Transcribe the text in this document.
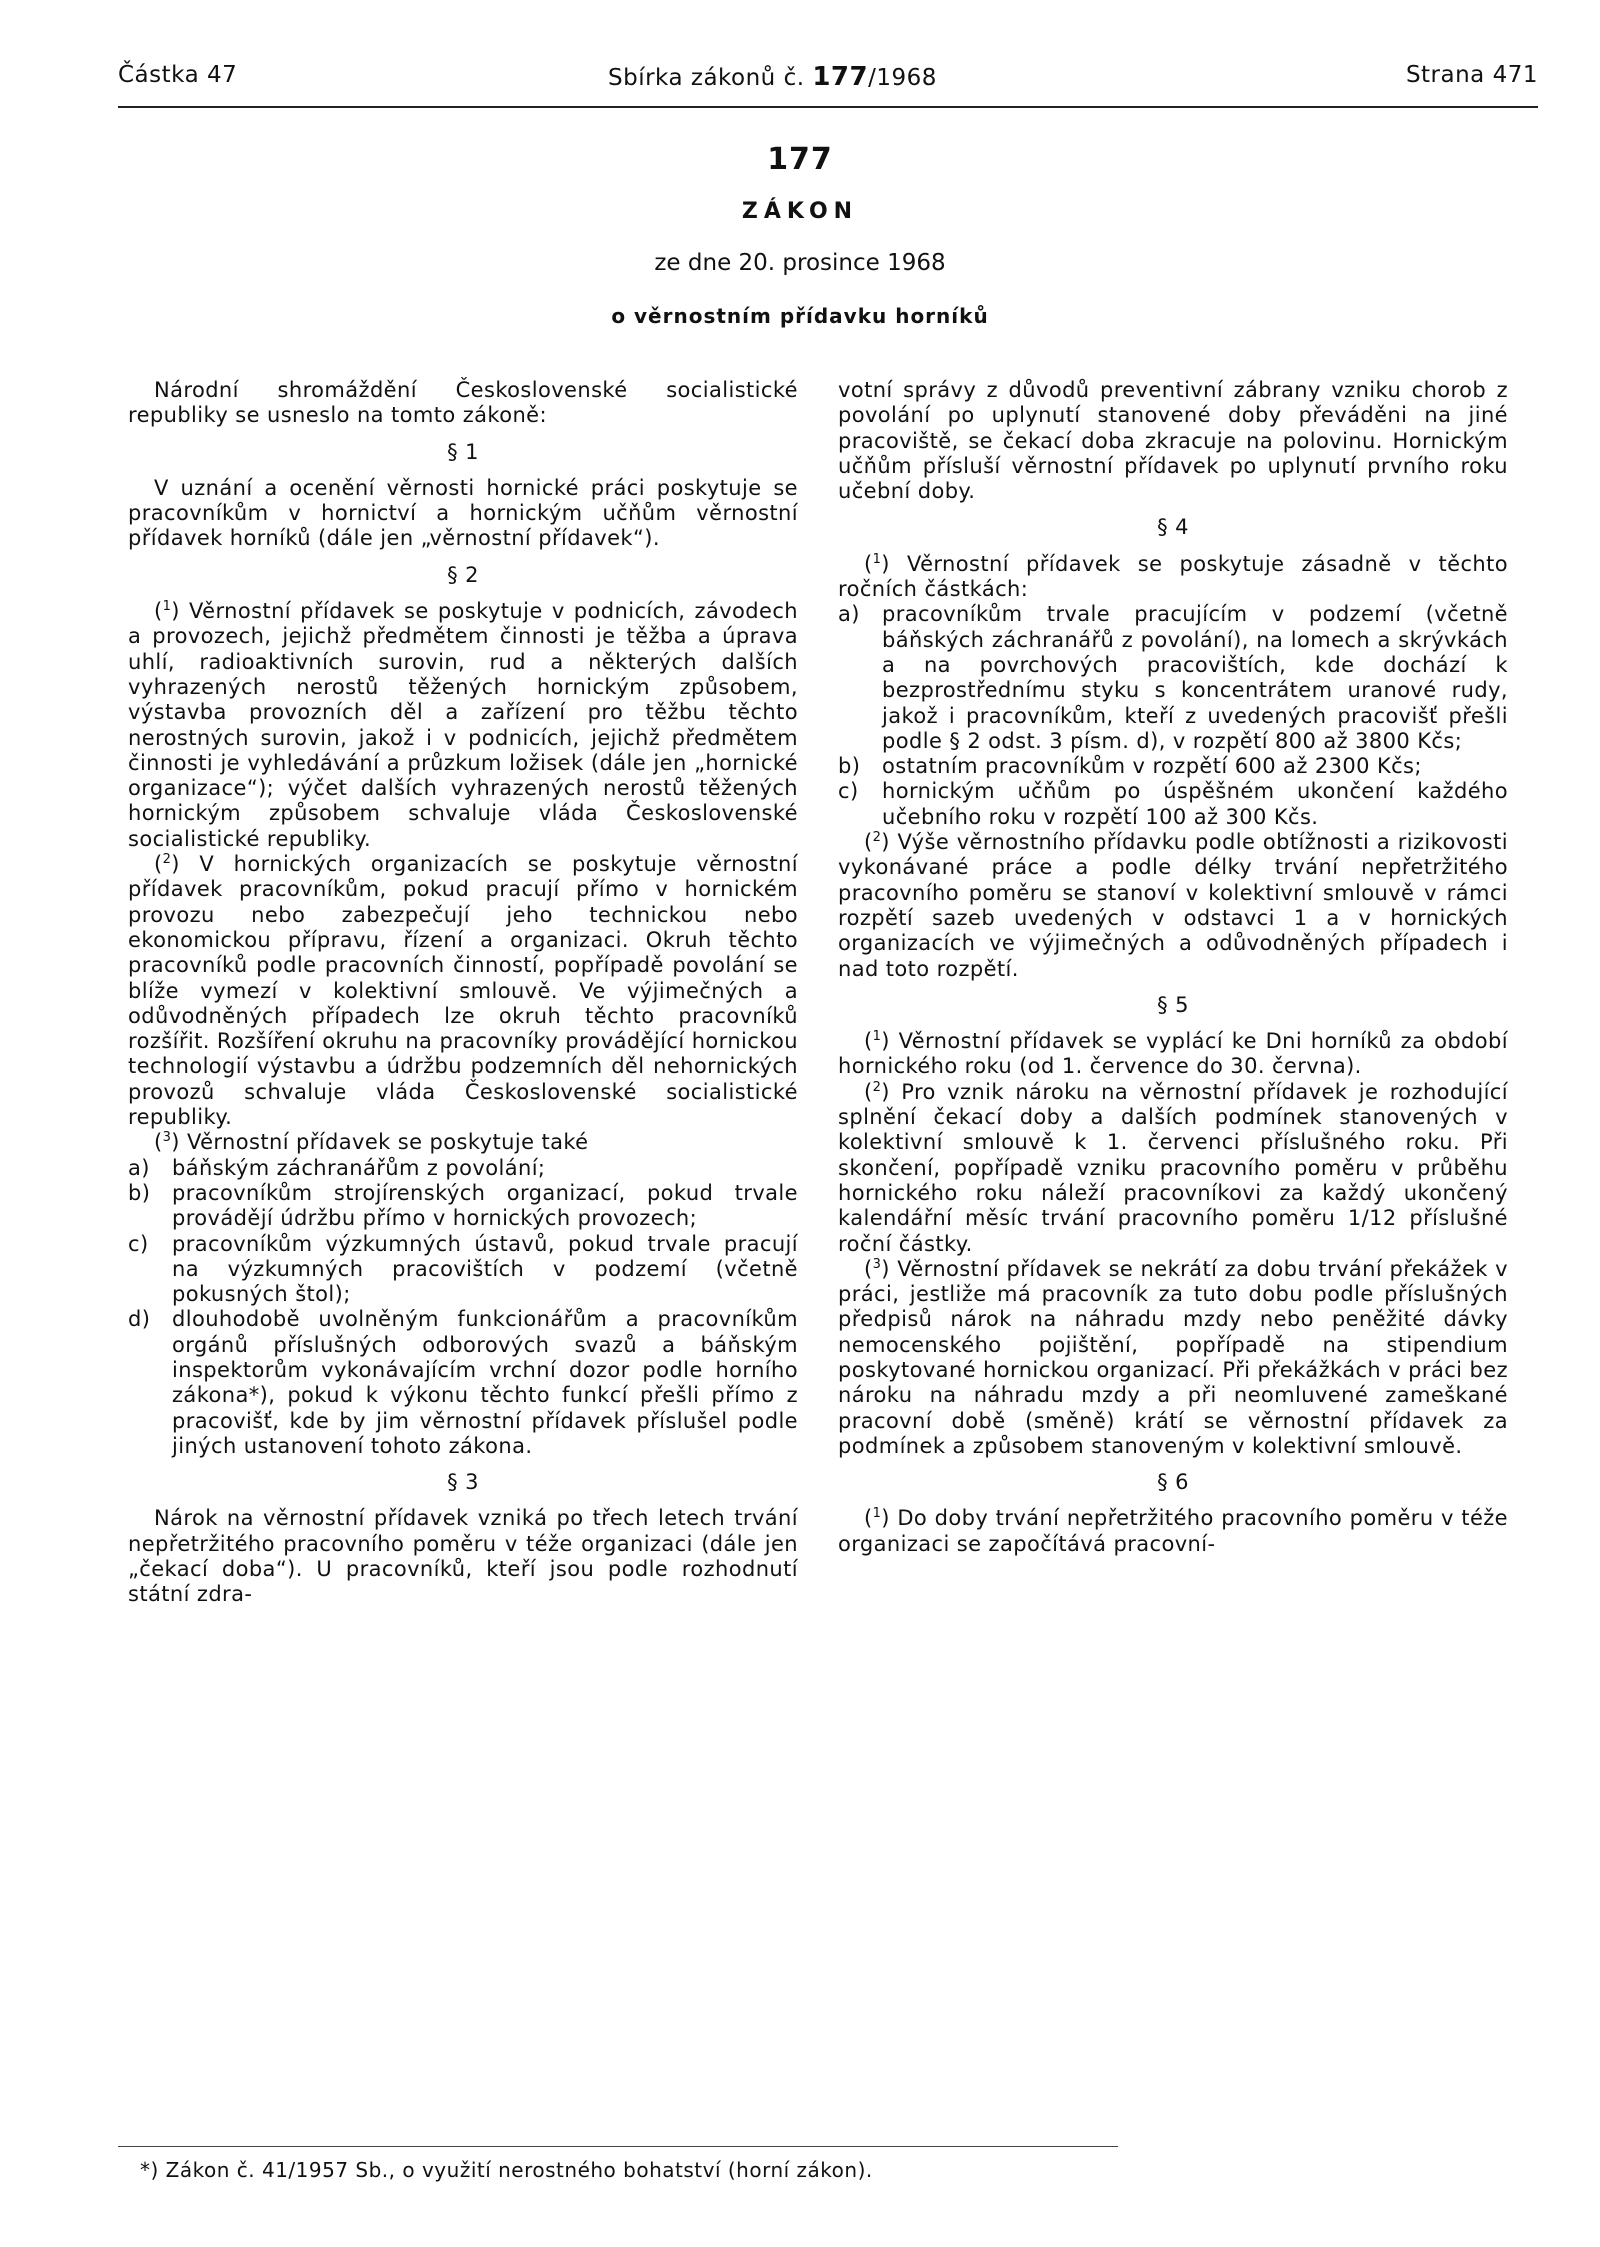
Částka 47	Sbírka zákonů č. 177/1968	Strana 471
177
ZÁKON
ze dne 20. prosince 1968
o věrnostním přídavku horníků

Národní shromáždění Československé socialistické republiky se usneslo na tomto zákoně:

§ 1

V uznání a ocenění věrnosti hornické práci poskytuje se pracovníkům v hornictví a hornickým učňům věrnostní přídavek horníků (dále jen „věrnostní přídavek“).

§ 2

($^1$) Věrnostní přídavek se poskytuje v podnicích, závodech a provozech, jejichž předmětem činnosti je těžba a úprava uhlí, radioaktivních surovin, rud a některých dalších vyhrazených nerostů těžených hornickým způsobem, výstavba provozních děl a zařízení pro těžbu těchto nerostných surovin, jakož i v podnicích, jejichž předmětem činnosti je vyhledávání a průzkum ložisek (dále jen „hornické organizace“); výčet dalších vyhrazených nerostů těžených hornickým způsobem schvaluje vláda Československé socialistické republiky.

($^2$) V hornických organizacích se poskytuje věrnostní přídavek pracovníkům, pokud pracují přímo v hornickém provozu nebo zabezpečují jeho technickou nebo ekonomickou přípravu, řízení a organizaci. Okruh těchto pracovníků podle pracovních činností, popřípadě povolání se blíže vymezí v kolektivní smlouvě. Ve výjimečných a odůvodněných případech lze okruh těchto pracovníků rozšířit. Rozšíření okruhu na pracovníky provádějící hornickou technologií výstavbu a údržbu podzemních děl nehornických provozů schvaluje vláda Československé socialistické republiky.

($^3$) Věrnostní přídavek se poskytuje také

a)	báňským záchranářům z povolání;
b)	pracovníkům strojírenských organizací, pokud trvale provádějí údržbu přímo v hornických provozech;
c)	pracovníkům výzkumných ústavů, pokud trvale pracují na výzkumných pracovištích v podzemí (včetně pokusných štol);
d)	dlouhodobě uvolněným funkcionářům a pracovníkům orgánů příslušných odborových svazů a báňským inspektorům vykonávajícím vrchní dozor podle horního zákona*), pokud k výkonu těchto funkcí přešli přímo z pracovišť, kde by jim věrnostní přídavek příslušel podle jiných ustanovení tohoto zákona.
§ 3

Nárok na věrnostní přídavek vzniká po třech letech trvání nepřetržitého pracovního poměru v téže organizaci (dále jen „čekací doba“). U pracovníků, kteří jsou podle rozhodnutí státní zdra-

votní správy z důvodů preventivní zábrany vzniku chorob z povolání po uplynutí stanovené doby převáděni na jiné pracoviště, se čekací doba zkracuje na polovinu. Hornickým učňům přísluší věrnostní přídavek po uplynutí prvního roku učební doby.

§ 4

($^1$) Věrnostní přídavek se poskytuje zásadně v těchto ročních částkách:

a)	pracovníkům trvale pracujícím v podzemí (včetně báňských záchranářů z povolání), na lomech a skrývkách a na povrchových pracovištích, kde dochází k bezprostřednímu styku s koncentrátem uranové rudy, jakož i pracovníkům, kteří z uvedených pracovišť přešli podle § 2 odst. 3 písm. d), v rozpětí 800 až 3800 Kčs;
b)	ostatním pracovníkům v rozpětí 600 až 2300 Kčs;
c)	hornickým učňům po úspěšném ukončení každého učebního roku v rozpětí 100 až 300 Kčs.

($^2$) Výše věrnostního přídavku podle obtížnosti a rizikovosti vykonávané práce a podle délky trvání nepřetržitého pracovního poměru se stanoví v kolektivní smlouvě v rámci rozpětí sazeb uvedených v odstavci 1 a v hornických organizacích ve výjimečných a odůvodněných případech i nad toto rozpětí.

§ 5

($^1$) Věrnostní přídavek se vyplácí ke Dni horníků za období hornického roku (od 1. července do 30. června).

($^2$) Pro vznik nároku na věrnostní přídavek je rozhodující splnění čekací doby a dalších podmínek stanovených v kolektivní smlouvě k 1. červenci příslušného roku. Při skončení, popřípadě vzniku pracovního poměru v průběhu hornického roku náleží pracovníkovi za každý ukončený kalendářní měsíc trvání pracovního poměru 1/12 příslušné roční částky.

($^3$) Věrnostní přídavek se nekrátí za dobu trvání překážek v práci, jestliže má pracovník za tuto dobu podle příslušných předpisů nárok na náhradu mzdy nebo peněžité dávky nemocenského pojištění, popřípadě na stipendium poskytované hornickou organizací. Při překážkách v práci bez nároku na náhradu mzdy a při neomluvené zameškané pracovní době (směně) krátí se věrnostní přídavek za podmínek a způsobem stanoveným v kolektivní smlouvě.

§ 6

($^1$) Do doby trvání nepřetržitého pracovního poměru v téže organizaci se započítává pracovní-

*) Zákon č. 41/1957 Sb., o využití nerostného bohatství (horní zákon).
